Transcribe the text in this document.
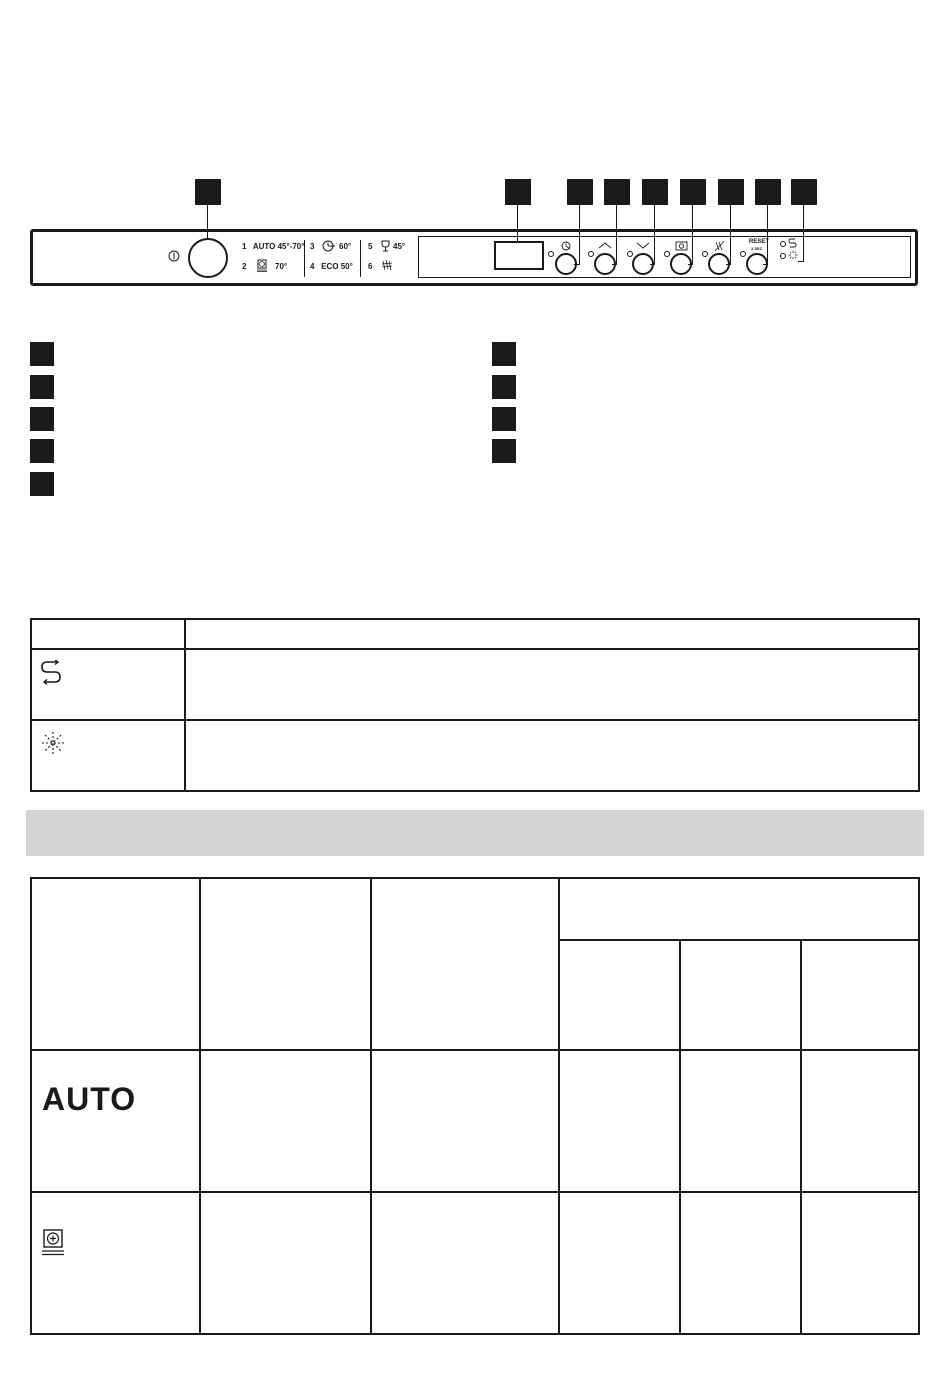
1 AUTO 45°-70°
2	70°
3	60°
4 ECO 50°
5	45°
6
RESET
3 SEC

AUTO					
